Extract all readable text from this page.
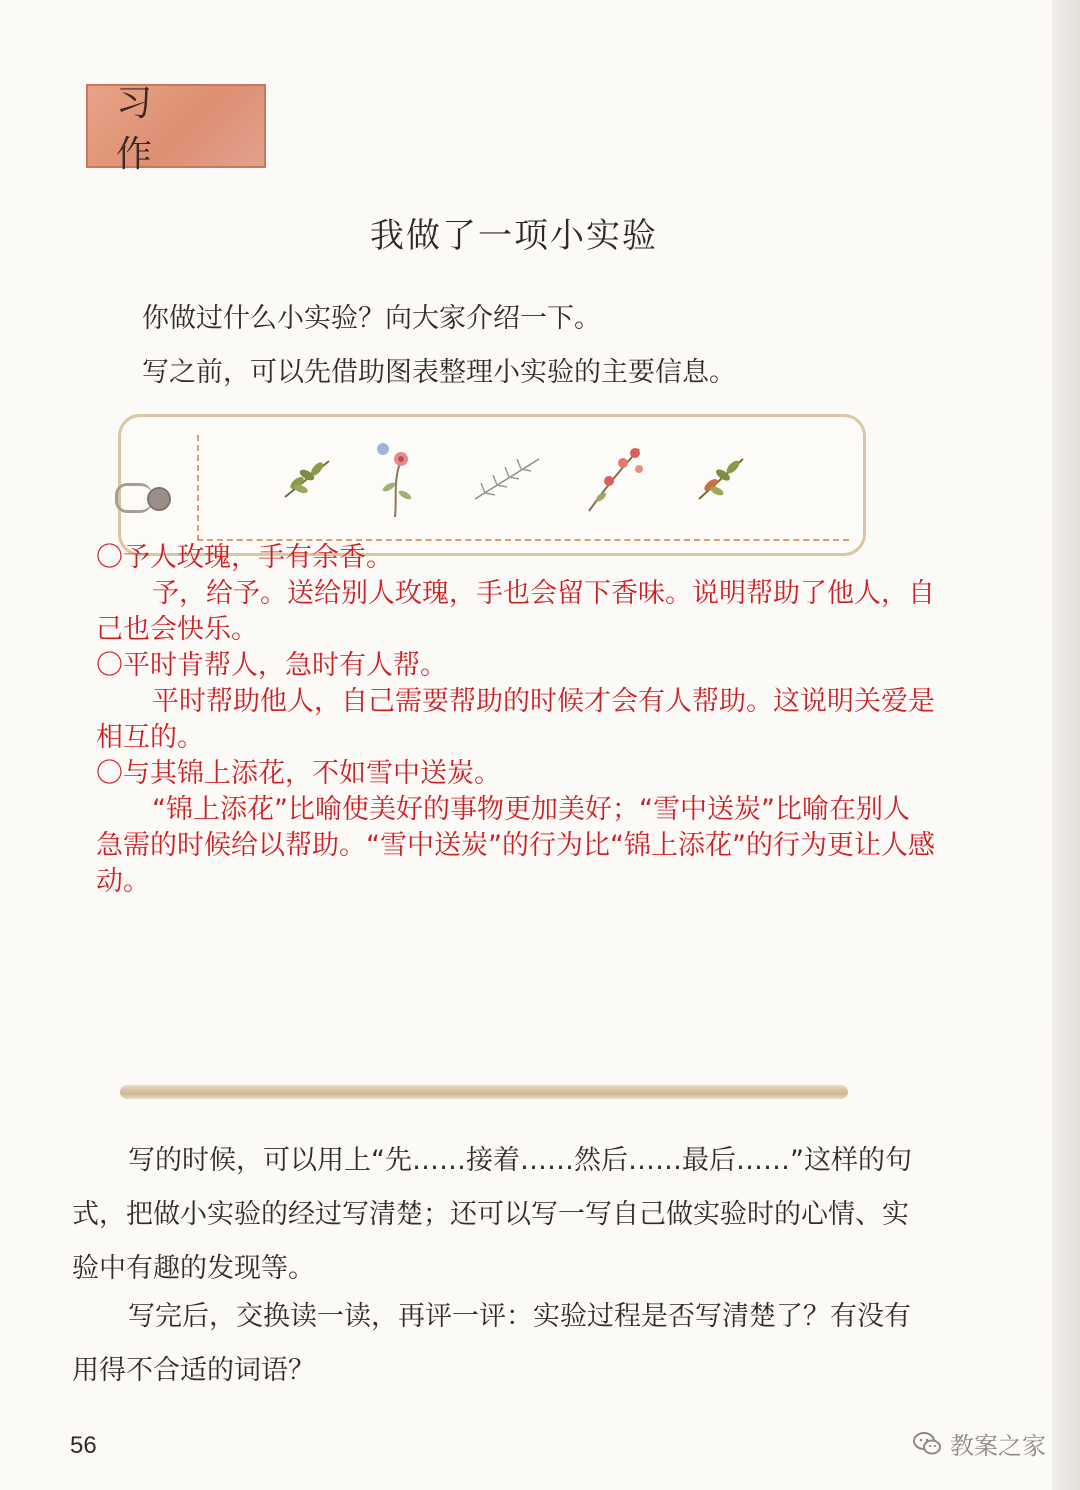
习 作
我做了一项小实验
你做过什么小实验？向大家介绍一下。
写之前，可以先借助图表整理小实验的主要信息。

〇予人玫瑰，手有余香。

予，给予。送给别人玫瑰，手也会留下香味。说明帮助了他人，自己也会快乐。

〇平时肯帮人，急时有人帮。

平时帮助他人，自己需要帮助的时候才会有人帮助。这说明关爱是相互的。

〇与其锦上添花，不如雪中送炭。

“锦上添花”比喻使美好的事物更加美好；“雪中送炭”比喻在别人急需的时候给以帮助。“雪中送炭”的行为比“锦上添花”的行为更让人感动。

写的时候，可以用上“先……接着……然后……最后……”这样的句式，把做小实验的经过写清楚；还可以写一写自己做实验时的心情、实验中有趣的发现等。

写完后，交换读一读，再评一评：实验过程是否写清楚了？有没有用得不合适的词语？

56	教案之家
